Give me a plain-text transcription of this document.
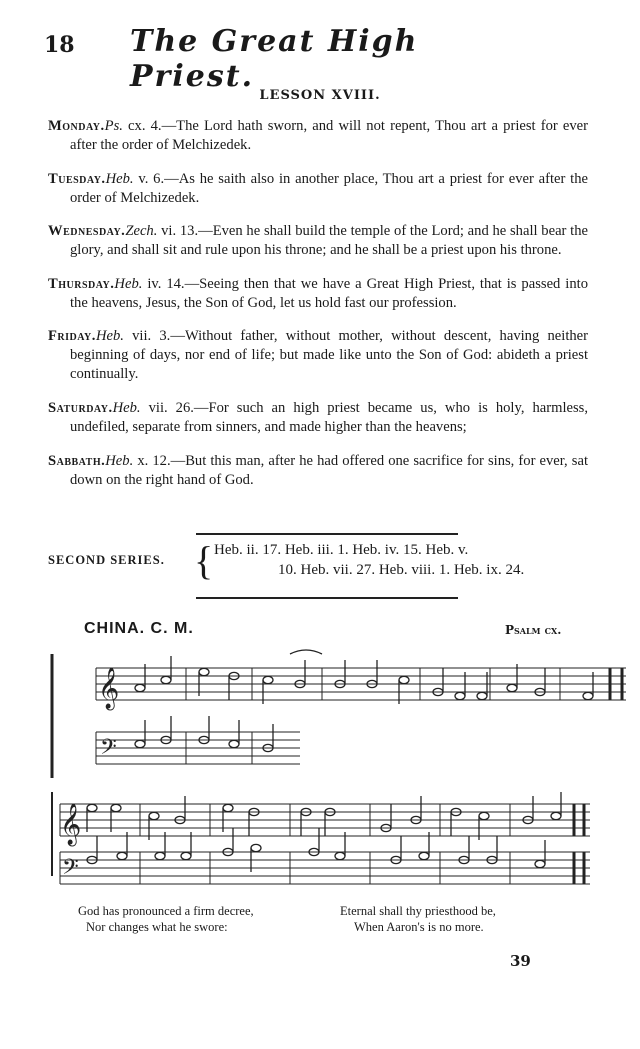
18 The Great High Priest.
LESSON XVIII.

Monday.Ps. cx. 4.—The Lord hath sworn, and will not repent, Thou art a priest for ever after the order of Melchizedek.

Tuesday.Heb. v. 6.—As he saith also in another place, Thou art a priest for ever after the order of Melchizedek.

Wednesday.Zech. vi. 13.—Even he shall build the temple of the Lord; and he shall bear the glory, and shall sit and rule upon his throne; and he shall be a priest upon his throne.

Thursday.Heb. iv. 14.—Seeing then that we have a Great High Priest, that is passed into the heavens, Jesus, the Son of God, let us hold fast our profession.

Friday.Heb. vii. 3.—Without father, without mother, without descent, having neither beginning of days, nor end of life; but made like unto the Son of God: abideth a priest continually.

Saturday.Heb. vii. 26.—For such an high priest became us, who is holy, harmless, undefiled, separate from sinners, and made higher than the heavens;

Sabbath.Heb. x. 12.—But this man, after he had offered one sacrifice for sins, for ever, sat down on the right hand of God.

SECOND SERIES. { Heb. ii. 17. Heb. iii. 1. Heb. iv. 15. Heb. v.
10. Heb. vii. 27. Heb. viii. 1. Heb. ix. 24.
CHINA. C. M.	Psalm cx.
𝄞
𝄢
𝄞
𝄢
God has pronounced a firm decree,
Nor changes what he swore:
Eternal shall thy priesthood be,
When Aaron's is no more.
39
